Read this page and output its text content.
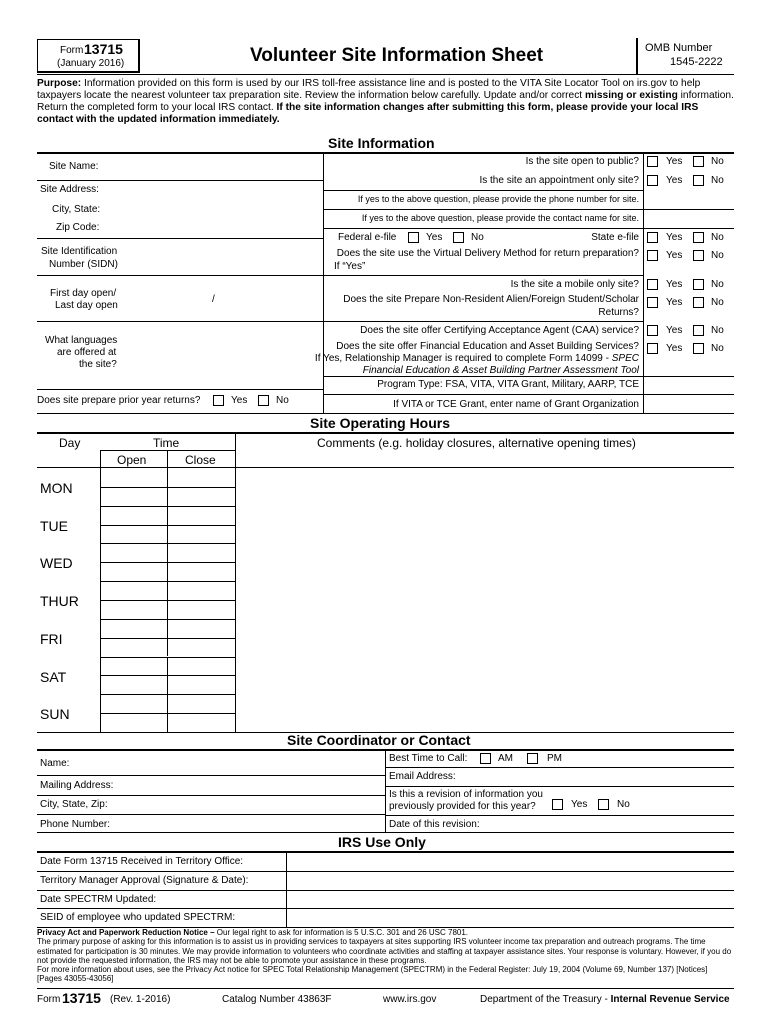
Form 13715
(January 2016)	Volunteer Site Information Sheet	OMB Number
1545-2222
Purpose: Information provided on this form is used by our IRS toll-free assistance line and is posted to the VITA Site Locator Tool on irs.gov to help taxpayers locate the nearest volunteer tax preparation site. Review the information below carefully. Update and/or correct missing or existing information. Return the completed form to your local IRS contact. If the site information changes after submitting this form, please provide your local IRS contact with the updated information immediately.
Site Information
Site Name:
Site Address:
City, State:
Zip Code:
Site Identification
Number (SIDN)
First day open/
Last day open
/
What languages
are offered at
the site?
Does site prepare prior year returns?	Yes	No
Is the site open to public?	Yes	No
Is the site an appointment only site?	Yes	No
If yes to the above question, please provide the phone number for site.
If yes to the above question, please provide the contact name for site.
Federal e-file	Yes	No	State e-file	Yes	No
Does the site use the Virtual Delivery Method for return preparation?
If “Yes”
Yes	No
Is the site a mobile only site?	Yes	No
Does the site Prepare Non-Resident Alien/Foreign Student/Scholar
Returns?
Yes	No
Does the site offer Certifying Acceptance Agent (CAA) service?	Yes	No
Does the site offer Financial Education and Asset Building Services?
If Yes, Relationship Manager is required to complete Form 14099 - SPEC
Financial Education & Asset Building Partner Assessment Tool
Yes	No
Program Type: FSA, VITA, VITA Grant, Military, AARP, TCE
If VITA or TCE Grant, enter name of Grant Organization
Site Operating Hours
Day	Time
Open	Close
Comments (e.g. holiday closures, alternative opening times)
MON
TUE
WED
THUR
FRI
SAT
SUN
Site Coordinator or Contact
Name:
Mailing Address:
City, State, Zip:
Phone Number:
Best Time to Call:	AM	PM
Email Address:
Is this a revision of information you
previously provided for this year?	Yes	No
Date of this revision:
IRS Use Only
Date Form 13715 Received in Territory Office:
Territory Manager Approval (Signature & Date):
Date SPECTRM Updated:
SEID of employee who updated SPECTRM:
Privacy Act and Paperwork Reduction Notice – Our legal right to ask for information is 5 U.S.C. 301 and 26 USC 7801.
The primary purpose of asking for this information is to assist us in providing services to taxpayers at sites supporting IRS volunteer income tax preparation and outreach programs. The time estimated for participation is 30 minutes. We may provide information to volunteers who coordinate activities and staffing at taxpayer assistance sites. Your response is voluntary. However, if you do not provide the requested information, the IRS may not be able to promote your assistance in these programs.
For more information about uses, see the Privacy Act notice for SPEC Total Relationship Management (SPECTRM) in the Federal Register: July 19, 2004 (Volume 69, Number 137) [Notices] [Pages 43055-43056]
Form 13715 (Rev. 1-2016)	Catalog Number 43863F	www.irs.gov	Department of the Treasury - Internal Revenue Service
